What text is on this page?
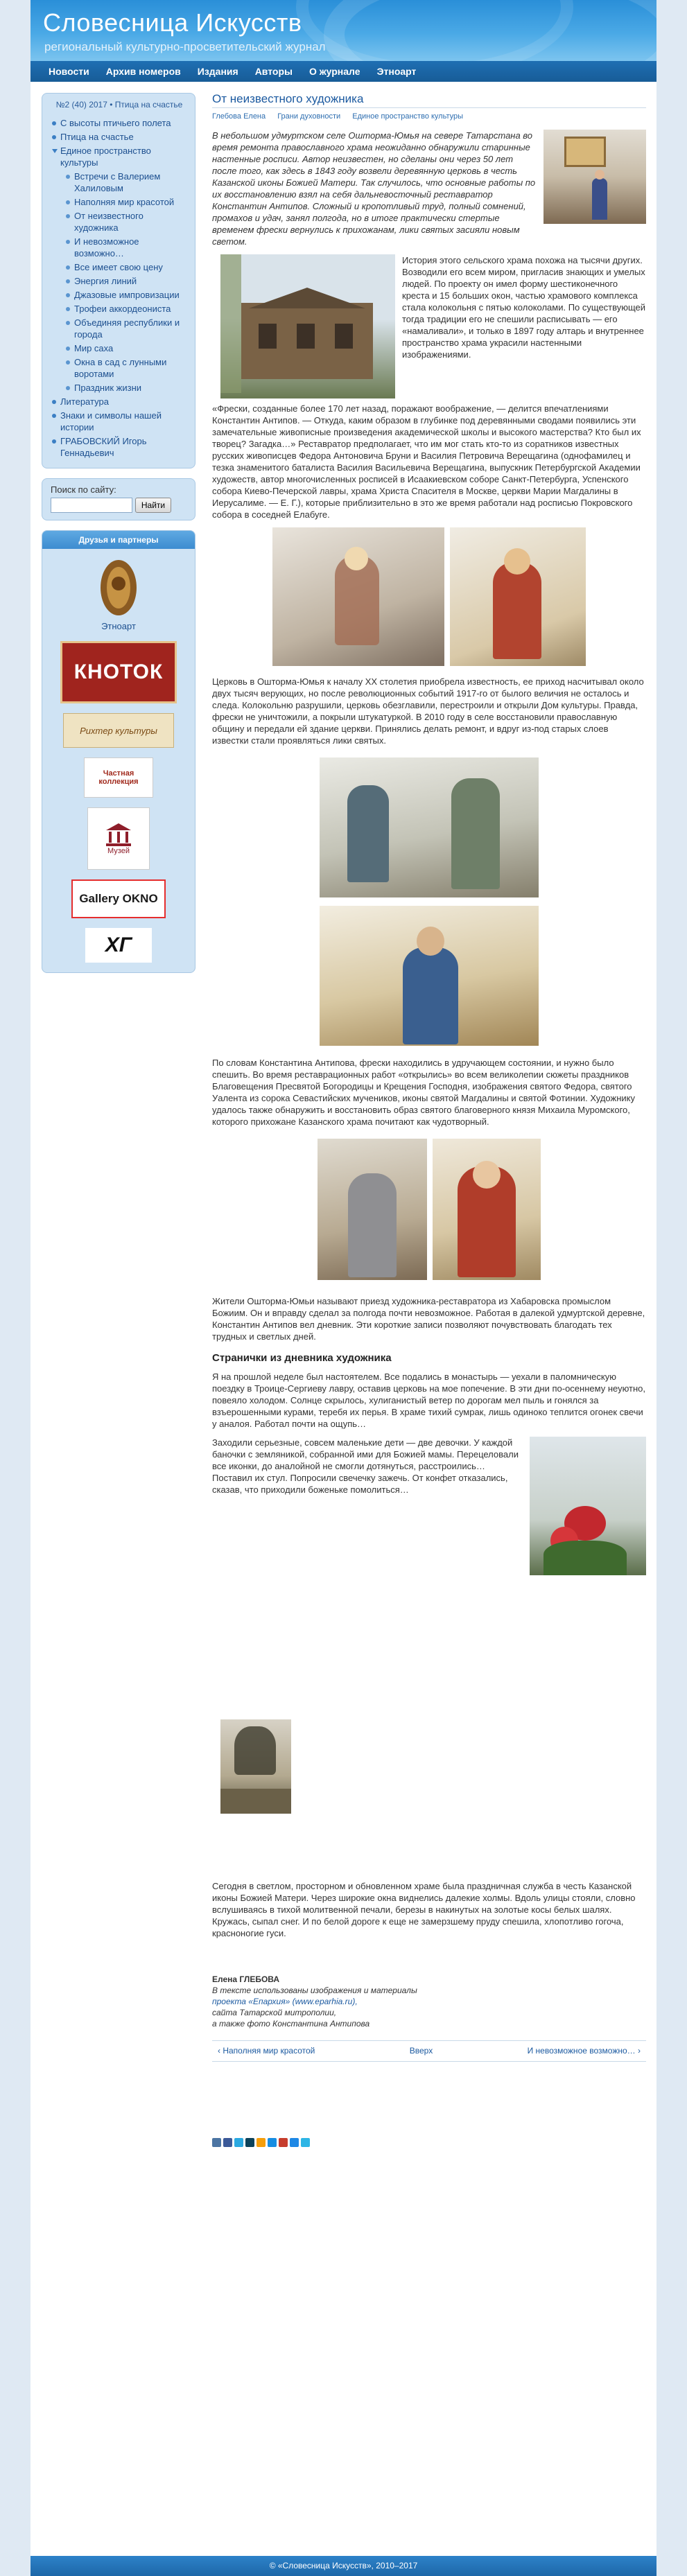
Словесница Искусств
региональный культурно-просветительский журнал
Новости	Архив номеров	Издания	Авторы	О журнале	Этноарт
№2 (40) 2017 • Птица на счастье
С высоты птичьего полета
Птица на счастье
Единое пространство культуры
Встречи с Валерием Халиловым
Наполняя мир красотой
От неизвестного художника
И невозможное возможно…
Все имеет свою цену
Энергия линий
Джазовые импровизации
Трофеи аккордеониста
Объединяя республики и города
Мир саха
Окна в сад с лунными воротами
Праздник жизни
Литература
Знаки и символы нашей истории
ГРАБОВСКИЙ Игорь Геннадьевич
Поиск по сайту:
Найти
Друзья и партнеры
Этноарт
КНОТОК
Рихтер культуры
Частная коллекция
Музей
Gallery OKNO
ХГ
От неизвестного художника
Глебова Елена Грани духовности Единое пространство культуры

В небольшом удмуртском селе Ошторма-Юмья на севере Татарстана во время ремонта православного храма неожиданно обнаружили старинные настенные росписи. Автор неизвестен, но сделаны они через 50 лет после того, как здесь в 1843 году возвели деревянную церковь в честь Казанской иконы Божией Матери. Так случилось, что основные работы по их восстановлению взял на себя дальневосточный реставратор Константин Антипов. Сложный и кропотливый труд, полный сомнений, промахов и удач, занял полгода, но в итоге практически стертые временем фрески вернулись к прихожанам, лики святых засияли новым светом.

История этого сельского храма похожа на тысячи других. Возводили его всем миром, пригласив знающих и умелых людей. По проекту он имел форму шестиконечного креста и 15 больших окон, частью храмового комплекса стала колокольня с пятью колоколами. По существующей тогда традиции его не спешили расписывать — его «намаливали», и только в 1897 году алтарь и внутреннее пространство храма украсили настенными изображениями.

«Фрески, созданные более 170 лет назад, поражают воображение, — делится впечатлениями Константин Антипов. — Откуда, каким образом в глубинке под деревянными сводами появились эти замечательные живописные произведения академической школы и высокого мастерства? Кто был их творец? Загадка…» Реставратор предполагает, что им мог стать кто-то из соратников известных русских живописцев Федора Антоновича Бруни и Василия Петровича Верещагина (однофамилец и тезка знаменитого баталиста Василия Васильевича Верещагина, выпускник Петербургской Академии художеств, автор многочисленных росписей в Исаакиевском соборе Санкт-Петербурга, Успенского собора Киево-Печерской лавры, храма Христа Спасителя в Москве, церкви Марии Магдалины в Иерусалиме. — Е. Г.), которые приблизительно в это же время работали над росписью Покровского собора в соседней Елабуге.

Церковь в Ошторма-Юмья к началу XX столетия приобрела известность, ее приход насчитывал около двух тысяч верующих, но после революционных событий 1917-го от былого величия не осталось и следа. Колокольню разрушили, церковь обезглавили, перестроили и открыли Дом культуры. Правда, фрески не уничтожили, а покрыли штукатуркой. В 2010 году в селе восстановили православную общину и передали ей здание церкви. Принялись делать ремонт, и вдруг из-под старых слоев известки стали проявляться лики святых.

По словам Константина Антипова, фрески находились в удручающем состоянии, и нужно было спешить. Во время реставрационных работ «открылись» во всем великолепии сюжеты праздников Благовещения Пресвятой Богородицы и Крещения Господня, изображения святого Федора, святого Уалента из сорока Севастийских мучеников, иконы святой Магдалины и святой Фотинии. Художнику удалось также обнаружить и восстановить образ святого благоверного князя Михаила Муромского, которого прихожане Казанского храма почитают как чудотворный.

Жители Ошторма-Юмьи называют приезд художника-реставратора из Хабаровска промыслом Божиим. Он и вправду сделал за полгода почти невозможное. Работая в далекой удмуртской деревне, Константин Антипов вел дневник. Эти короткие записи позволяют почувствовать благодать тех трудных и светлых дней.

Странички из дневника художника

Я на прошлой неделе был настоятелем. Все подались в монастырь — уехали в паломническую поездку в Троице-Сергиеву лавру, оставив церковь на мое попечение. В эти дни по-осеннему неуютно, повеяло холодом. Солнце скрылось, хулиганистый ветер по дорогам мел пыль и гонялся за взъерошенными курами, теребя их перья. В храме тихий сумрак, лишь одиноко теплится огонек свечи у аналоя. Работал почти на ощупь…

Заходили серьезные, совсем маленькие дети — две девочки. У каждой баночки с земляникой, собранной ими для Божией мамы. Перецеловали все иконки, до аналойной не смогли дотянуться, расстроились… Поставил их стул. Попросили свечечку зажечь. От конфет отказались, сказав, что приходили боженьке помолиться…

Сегодня в светлом, просторном и обновленном храме была праздничная служба в честь Казанской иконы Божией Матери. Через широкие окна виднелись далекие холмы. Вдоль улицы стояли, словно вслушиваясь в тихой молитвенной печали, березы в накинутых на золотые косы белых шалях. Кружась, сыпал снег. И по белой дороге к еще не замерзшему пруду спешила, хлопотливо гогоча, красноногие гуси.

Елена ГЛЕБОВА
В тексте использованы изображения и материалы
проекта «Епархия» (www.eparhia.ru),
сайта Татарской митрополии,
а также фото Константина Антипова
‹ Наполняя мир красотой	Вверх	И невозможное возможно… ›
© «Словесница Искусств», 2010–2017
